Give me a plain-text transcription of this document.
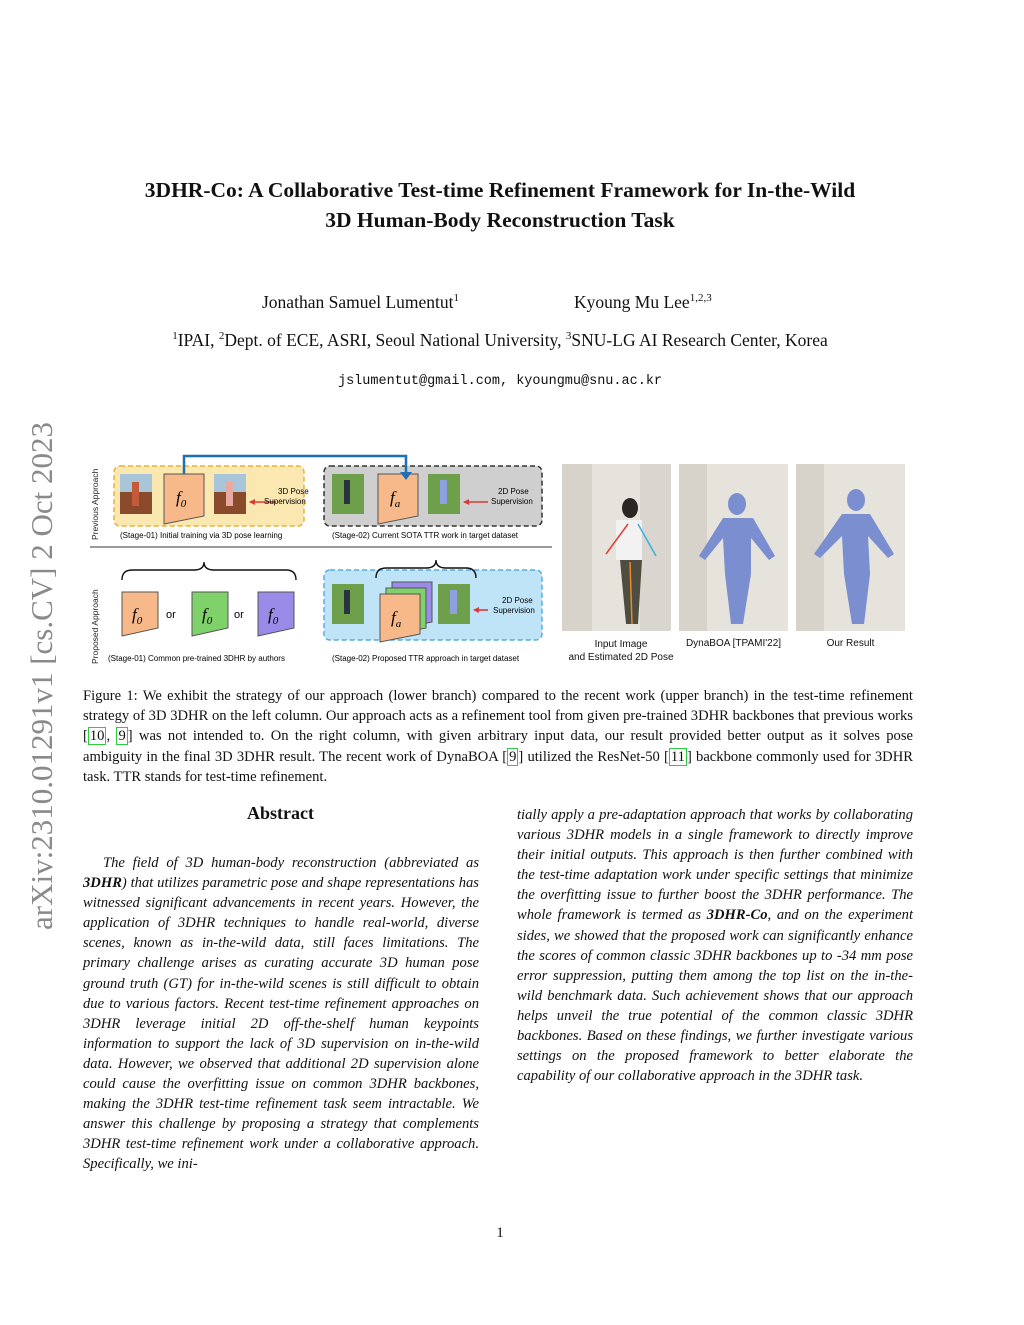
arXiv:2310.01291v1 [cs.CV] 2 Oct 2023
3DHR-Co: A Collaborative Test-time Refinement Framework for In-the-Wild
3D Human-Body Reconstruction Task
Jonathan Samuel Lumentut$^1$	Kyoung Mu Lee$^{1,2,3}$
$^1$IPAI, $^2$Dept. of ECE, ASRI, Seoul National University, $^3$SNU-LG AI Research Center, Korea
jslumentut@gmail.com, kyoungmu@snu.ac.kr
Previous Approach
Proposed Approach
$f_0$
3D Pose
Supervision
(Stage-01) Initial training via 3D pose learning
$f_a$
2D Pose
Supervision
(Stage-02) Current SOTA TTR work in target dataset
$f_0$ or $f_0$ or $f_0$
(Stage-01) Common pre-trained 3DHR by authors
$f_a$
2D Pose
Supervision
(Stage-02) Proposed TTR approach in target dataset
Input Image
and Estimated 2D Pose
DynaBOA [TPAMI'22]	Our Result
Figure 1: We exhibit the strategy of our approach (lower branch) compared to the recent work (upper branch) in the test-time refinement strategy of 3D 3DHR on the left column. Our approach acts as a refinement tool from given pre-trained 3DHR backbones that previous works [ 10 , 9 ] was not intended to. On the right column, with given arbitrary input data, our result provided better output as it solves pose ambiguity in the final 3D 3DHR result. The recent work of DynaBOA [ 9 ] utilized the ResNet-50 [ 11 ] backbone commonly used for 3DHR task. TTR stands for test-time refinement.
Abstract
The field of 3D human-body reconstruction (abbreviated as 3DHR) that utilizes parametric pose and shape representations has witnessed significant advancements in recent years. However, the application of 3DHR techniques to handle real-world, diverse scenes, known as in-the-wild data, still faces limitations. The primary challenge arises as curating accurate 3D human pose ground truth (GT) for in-the-wild scenes is still difficult to obtain due to various factors. Recent test-time refinement approaches on 3DHR leverage initial 2D off-the-shelf human keypoints information to support the lack of 3D supervision on in-the-wild data. However, we observed that additional 2D supervision alone could cause the overfitting issue on common 3DHR backbones, making the 3DHR test-time refinement task seem intractable. We answer this challenge by proposing a strategy that complements 3DHR test-time refinement work under a collaborative approach. Specifically, we ini-
tially apply a pre-adaptation approach that works by collaborating various 3DHR models in a single framework to directly improve their initial outputs. This approach is then further combined with the test-time adaptation work under specific settings that minimize the overfitting issue to further boost the 3DHR performance. The whole framework is termed as 3DHR-Co, and on the experiment sides, we showed that the proposed work can significantly enhance the scores of common classic 3DHR backbones up to -34 mm pose error suppression, putting them among the top list on the in-the-wild benchmark data. Such achievement shows that our approach helps unveil the true potential of the common classic 3DHR backbones. Based on these findings, we further investigate various settings on the proposed framework to better elaborate the capability of our collaborative approach in the 3DHR task.
1
